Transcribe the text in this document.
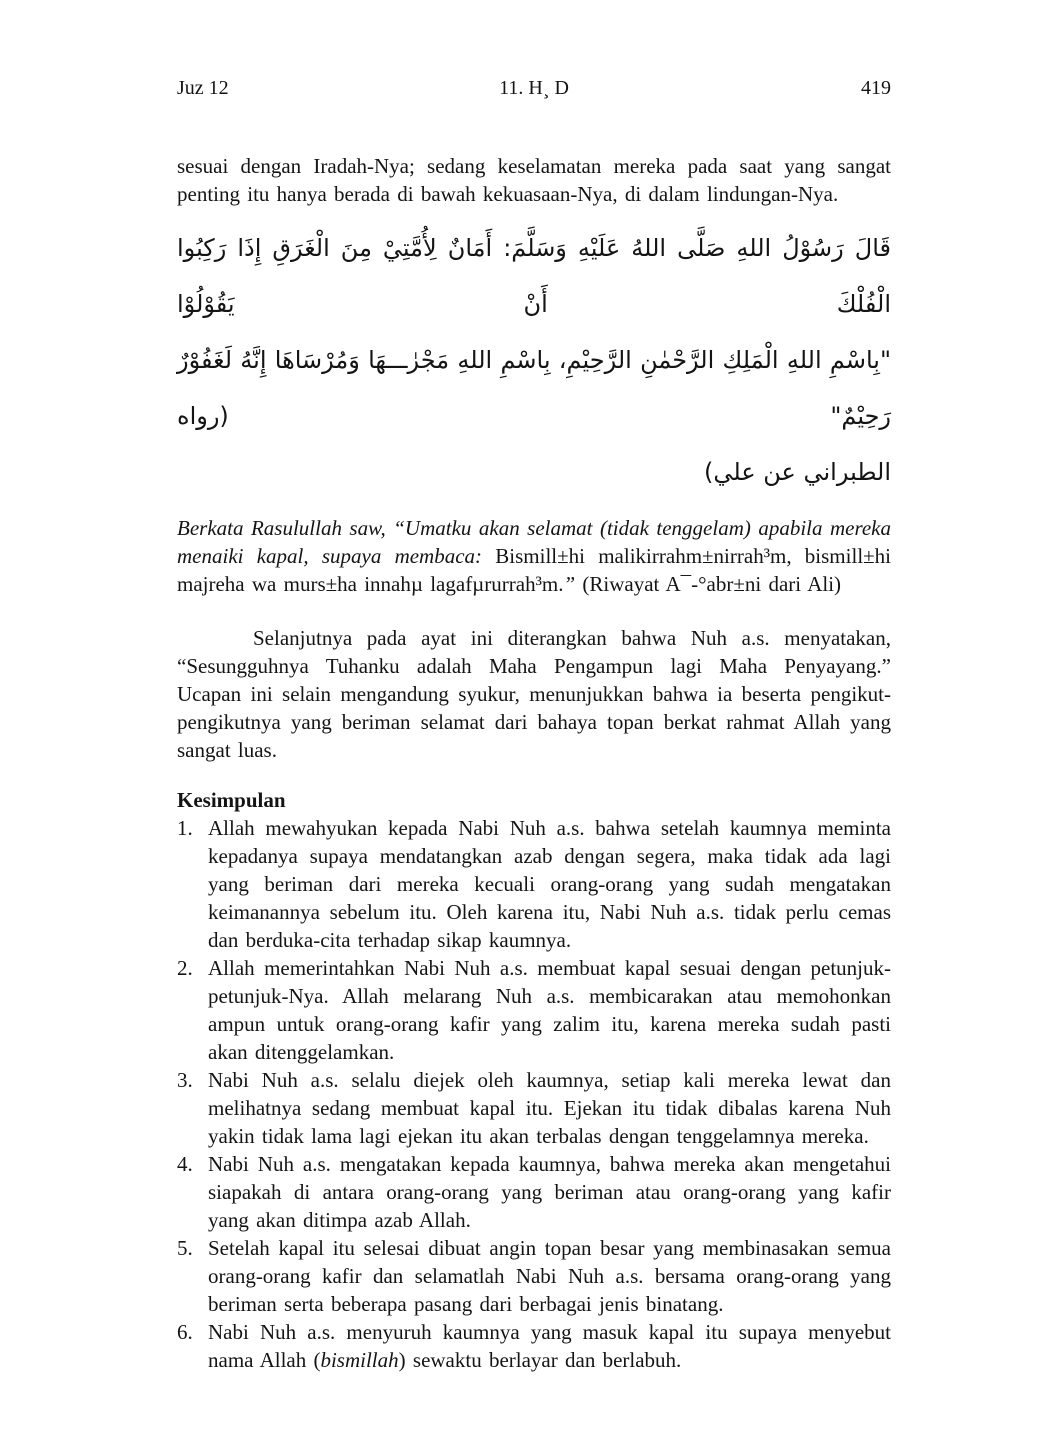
Juz 12	11. H¸ D	419

sesuai dengan Iradah-Nya; sedang keselamatan mereka pada saat yang sangat penting itu hanya berada di bawah kekuasaan-Nya, di dalam lindungan-Nya.

قَالَ رَسُوْلُ اللهِ صَلَّى اللهُ عَلَيْهِ وَسَلَّمَ: أَمَانٌ لِأُمَّتِيْ مِنَ الْغَرَقِ إِذَا رَكِبُوا الْفُلْكَ أَنْ يَقُوْلُوْا
"بِاسْمِ اللهِ الْمَلِكِ الرَّحْمٰنِ الرَّحِيْمِ، بِاسْمِ اللهِ مَجْرٰـــهَا وَمُرْسَاهَا إِنَّهُ لَغَفُوْرٌ رَحِيْمٌ" (رواه
الطبراني عن علي)

Berkata Rasulullah saw, “Umatku akan selamat (tidak tenggelam) apabila mereka menaiki kapal, supaya membaca: Bismill±hi malikirrahm±nirrah³m, bismill±hi majreha wa murs±ha innahµ lagafµrurrah³m.” (Riwayat A¯-°abr±ni dari Ali)

Selanjutnya pada ayat ini diterangkan bahwa Nuh a.s. menyatakan, “Sesungguhnya Tuhanku adalah Maha Pengampun lagi Maha Penyayang.” Ucapan ini selain mengandung syukur, menunjukkan bahwa ia beserta pengikut-pengikutnya yang beriman selamat dari bahaya topan berkat rahmat Allah yang sangat luas.

Kesimpulan
1. Allah mewahyukan kepada Nabi Nuh a.s. bahwa setelah kaumnya meminta kepadanya supaya mendatangkan azab dengan segera, maka tidak ada lagi yang beriman dari mereka kecuali orang-orang yang sudah mengatakan keimanannya sebelum itu. Oleh karena itu, Nabi Nuh a.s. tidak perlu cemas dan berduka-cita terhadap sikap kaumnya.
2. Allah memerintahkan Nabi Nuh a.s. membuat kapal sesuai dengan petunjuk-petunjuk-Nya. Allah melarang Nuh a.s. membicarakan atau memohonkan ampun untuk orang-orang kafir yang zalim itu, karena mereka sudah pasti akan ditenggelamkan.
3. Nabi Nuh a.s. selalu diejek oleh kaumnya, setiap kali mereka lewat dan melihatnya sedang membuat kapal itu. Ejekan itu tidak dibalas karena Nuh yakin tidak lama lagi ejekan itu akan terbalas dengan tenggelamnya mereka.
4. Nabi Nuh a.s. mengatakan kepada kaumnya, bahwa mereka akan mengetahui siapakah di antara orang-orang yang beriman atau orang-orang yang kafir yang akan ditimpa azab Allah.
5. Setelah kapal itu selesai dibuat angin topan besar yang membinasakan semua orang-orang kafir dan selamatlah Nabi Nuh a.s. bersama orang-orang yang beriman serta beberapa pasang dari berbagai jenis binatang.
6. Nabi Nuh a.s. menyuruh kaumnya yang masuk kapal itu supaya menyebut nama Allah (bismillah) sewaktu berlayar dan berlabuh.
